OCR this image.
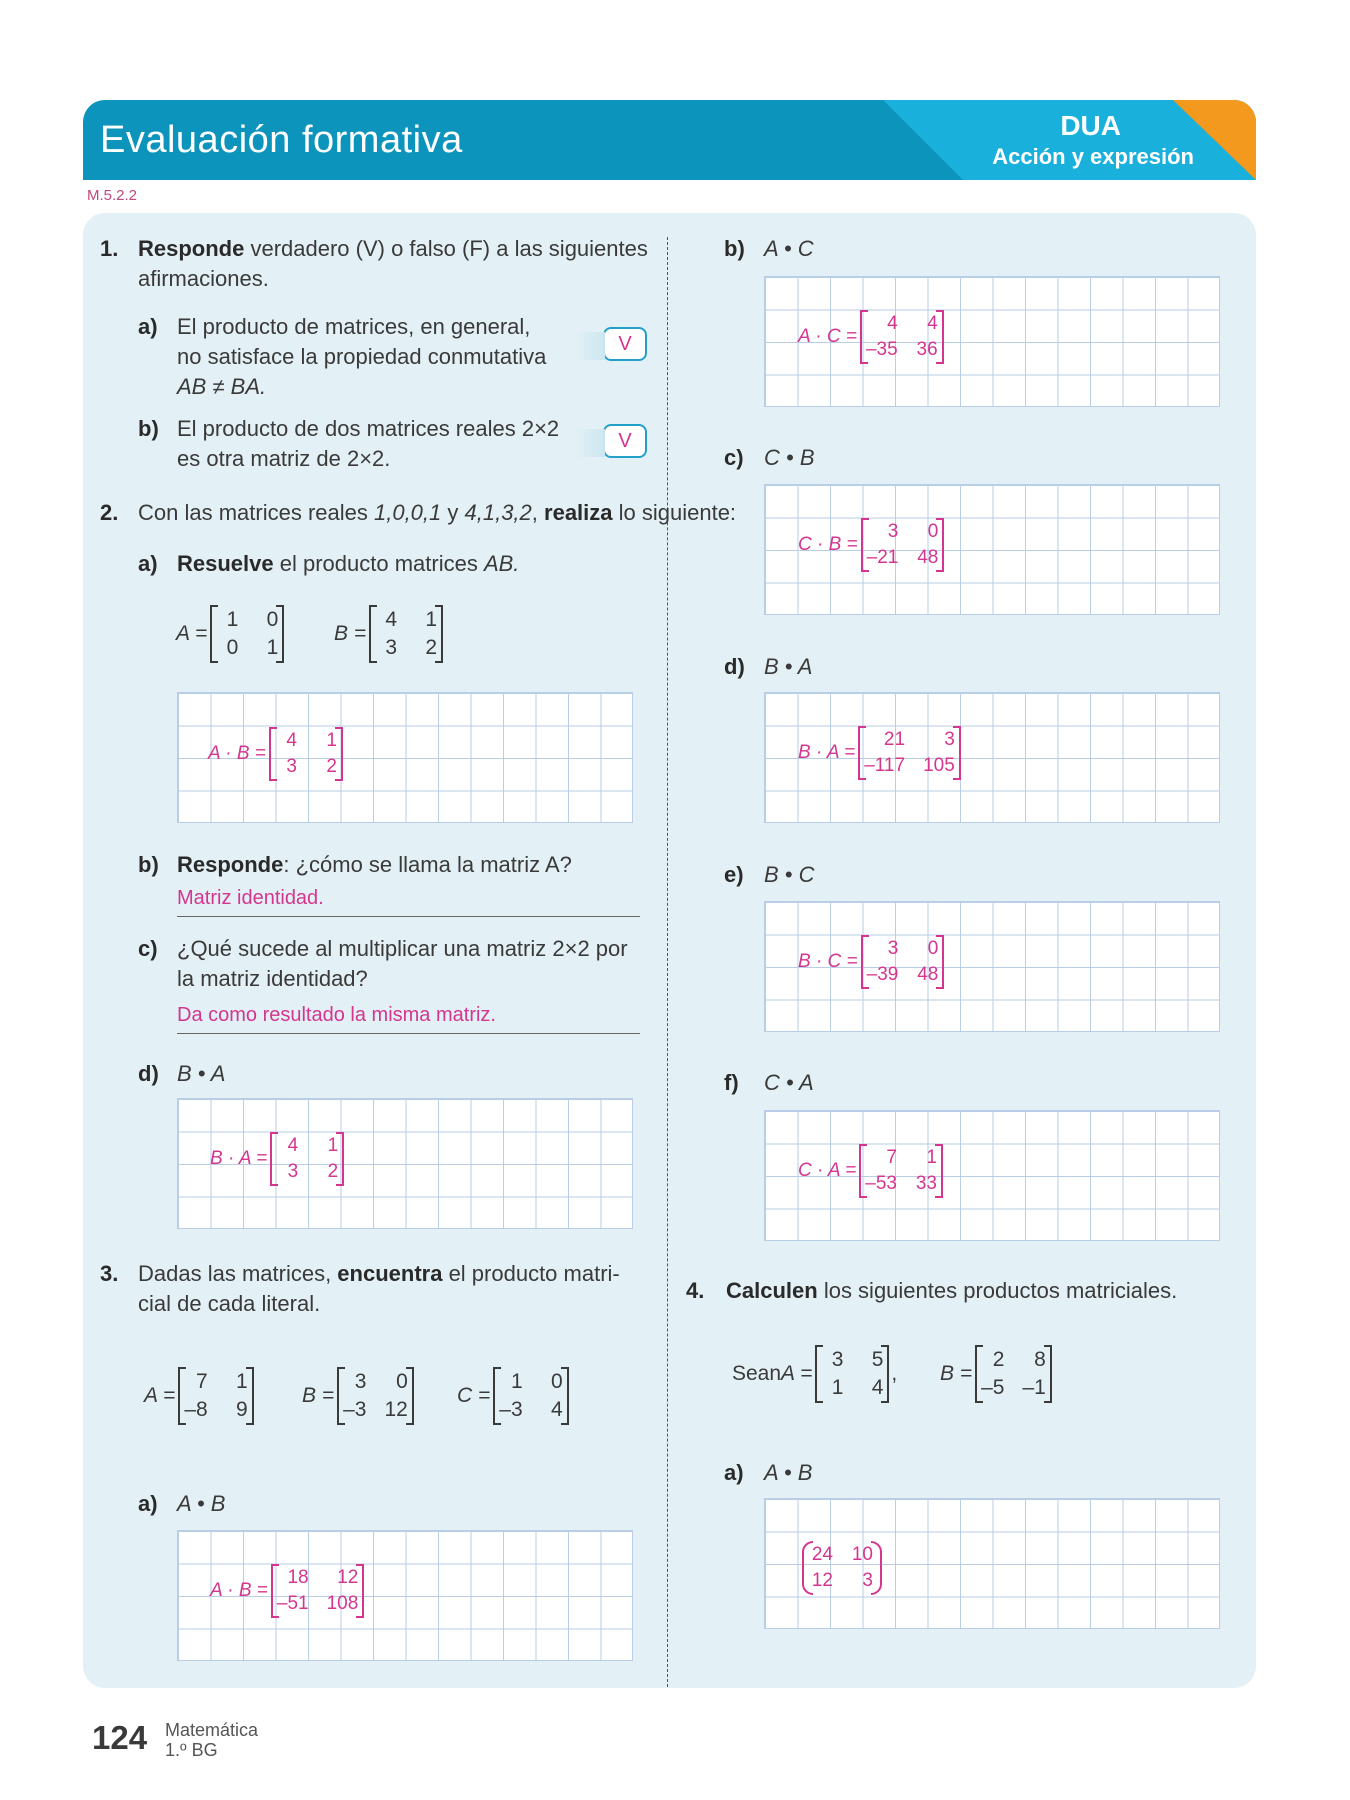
Evaluación formativa	DUA
Acción y expresión
M.5.2.2
1. Responde verdadero (V) o falso (F) a las siguientes
afirmaciones.
a) El producto de matrices, en general,
no satisface la propiedad conmutativa
AB ≠ BA.
V
b) El producto de dos matrices reales 2×2
es otra matriz de 2×2.
V
2. Con las matrices reales 1,0,0,1 y 4,1,3,2, realiza lo siguiente:
a) Resuelve el producto matrices AB.
A =
1	0
0	1
B =
4	1
3	2
A · B =
4	1
3	2
b) Responde: ¿cómo se llama la matriz A?
Matriz identidad.
c) ¿Qué sucede al multiplicar una matriz 2×2 por
la matriz identidad?
Da como resultado la misma matriz.
d) B • A
B · A =
4	1
3	2
3. Dadas las matrices, encuentra el producto matri-
cial de cada literal.
A =
7	1
–8	9
B =
3	0
–3 12
C =
1	0
–3	4
a) A • B
A · B =
18	12
–51 108
b) A • C
A · C =
4	4
–35 36
c) C • B
C · B =
3	0
–21 48
d) B • A
B · A =
21	3
–117 105
e) B • C
B · C =
3	0
–39 48
f) C • A
C · A =
7	1
–53 33
4. Calculen los siguientes productos matriciales.
Sean A =
3	5
1	4
, B =
2	8
–5 –1
a) A • B
24 10
12	3
124 Matemática
1.º BG
